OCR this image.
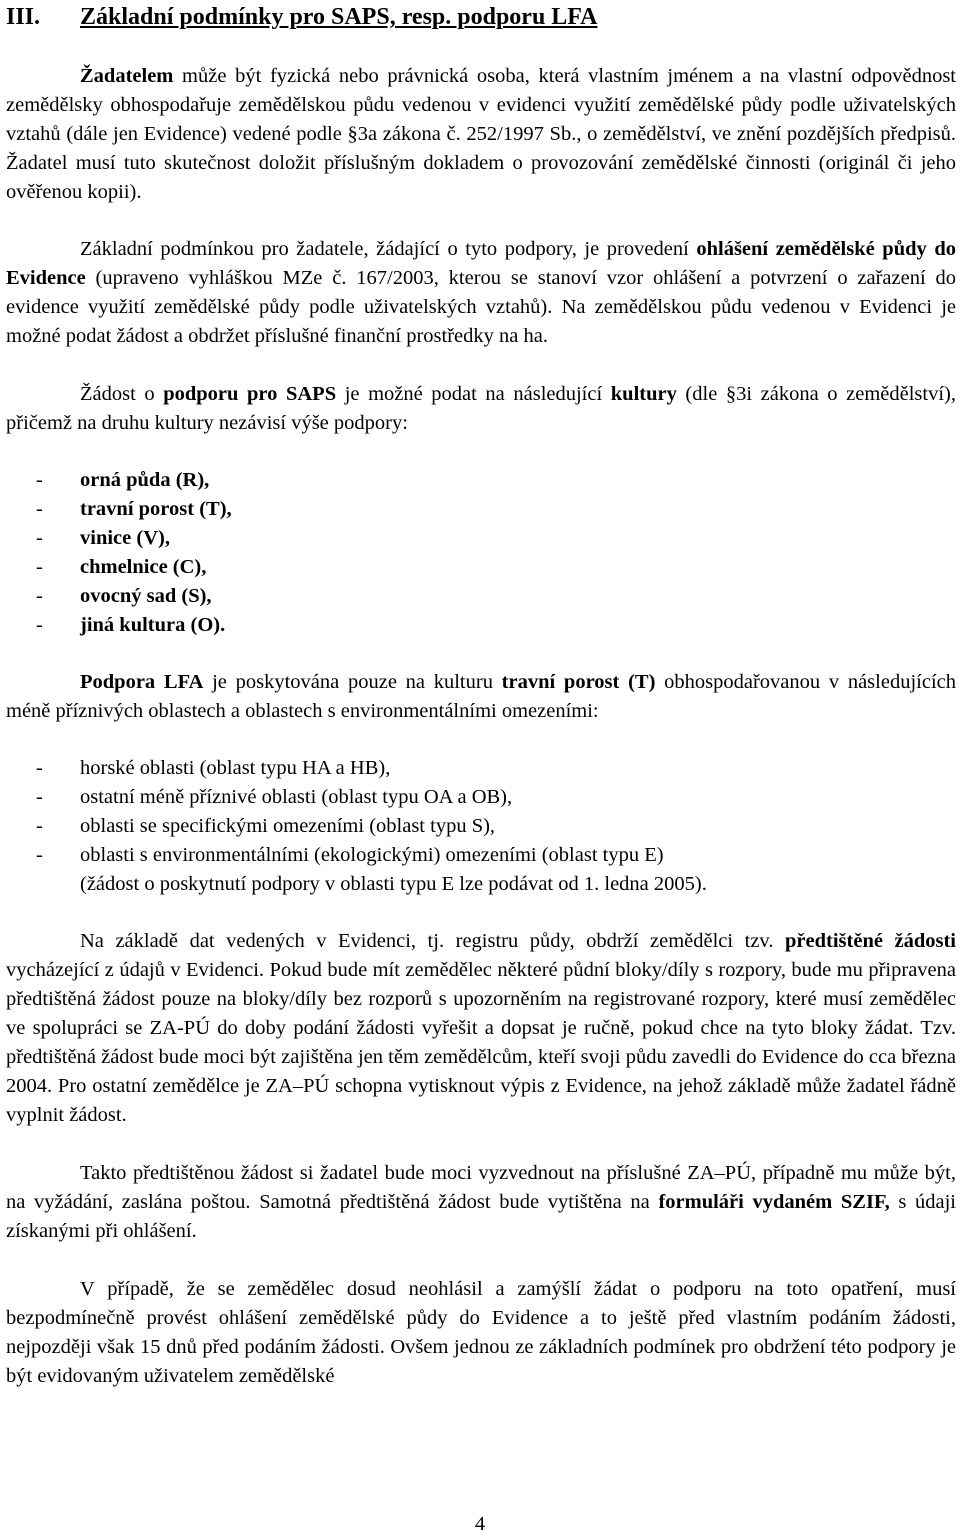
III. Základní podmínky pro SAPS, resp. podporu LFA

Žadatelem může být fyzická nebo právnická osoba, která vlastním jménem a na vlastní odpovědnost zemědělsky obhospodařuje zemědělskou půdu vedenou v evidenci využití zemědělské půdy podle uživatelských vztahů (dále jen Evidence) vedené podle §3a zákona č. 252/1997 Sb., o zemědělství, ve znění pozdějších předpisů. Žadatel musí tuto skutečnost doložit příslušným dokladem o provozování zemědělské činnosti (originál či jeho ověřenou kopii).

Základní podmínkou pro žadatele, žádající o tyto podpory, je provedení ohlášení zemědělské půdy do Evidence (upraveno vyhláškou MZe č. 167/2003, kterou se stanoví vzor ohlášení a potvrzení o zařazení do evidence využití zemědělské půdy podle uživatelských vztahů). Na zemědělskou půdu vedenou v Evidenci je možné podat žádost a obdržet příslušné finanční prostředky na ha.

Žádost o podporu pro SAPS je možné podat na následující kultury (dle §3i zákona o zemědělství), přičemž na druhu kultury nezávisí výše podpory:

-	orná půda (R),
-	travní porost (T),
-	vinice (V),
-	chmelnice (C),
-	ovocný sad (S),
-	jiná kultura (O).

Podpora LFA je poskytována pouze na kulturu travní porost (T) obhospodařovanou v následujících méně příznivých oblastech a oblastech s environmentálními omezeními:

-	horské oblasti (oblast typu HA a HB),
-	ostatní méně příznivé oblasti (oblast typu OA a OB),
-	oblasti se specifickými omezeními (oblast typu S),
-	oblasti s environmentálními (ekologickými) omezeními (oblast typu E)
(žádost o poskytnutí podpory v oblasti typu E lze podávat od 1. ledna 2005).

Na základě dat vedených v Evidenci, tj. registru půdy, obdrží zemědělci tzv. předtištěné žádosti vycházející z údajů v Evidenci. Pokud bude mít zemědělec některé půdní bloky/díly s rozpory, bude mu připravena předtištěná žádost pouze na bloky/díly bez rozporů s upozorněním na registrované rozpory, které musí zemědělec ve spolupráci se ZA-PÚ do doby podání žádosti vyřešit a dopsat je ručně, pokud chce na tyto bloky žádat. Tzv. předtištěná žádost bude moci být zajištěna jen těm zemědělcům, kteří svoji půdu zavedli do Evidence do cca března 2004. Pro ostatní zemědělce je ZA–PÚ schopna vytisknout výpis z Evidence, na jehož základě může žadatel řádně vyplnit žádost.

Takto předtištěnou žádost si žadatel bude moci vyzvednout na příslušné ZA–PÚ, případně mu může být, na vyžádání, zaslána poštou. Samotná předtištěná žádost bude vytištěna na formuláři vydaném SZIF, s údaji získanými při ohlášení.

V případě, že se zemědělec dosud neohlásil a zamýšlí žádat o podporu na toto opatření, musí bezpodmínečně provést ohlášení zemědělské půdy do Evidence a to ještě před vlastním podáním žádosti, nejpozději však 15 dnů před podáním žádosti. Ovšem jednou ze základních podmínek pro obdržení této podpory je být evidovaným uživatelem zemědělské

4
